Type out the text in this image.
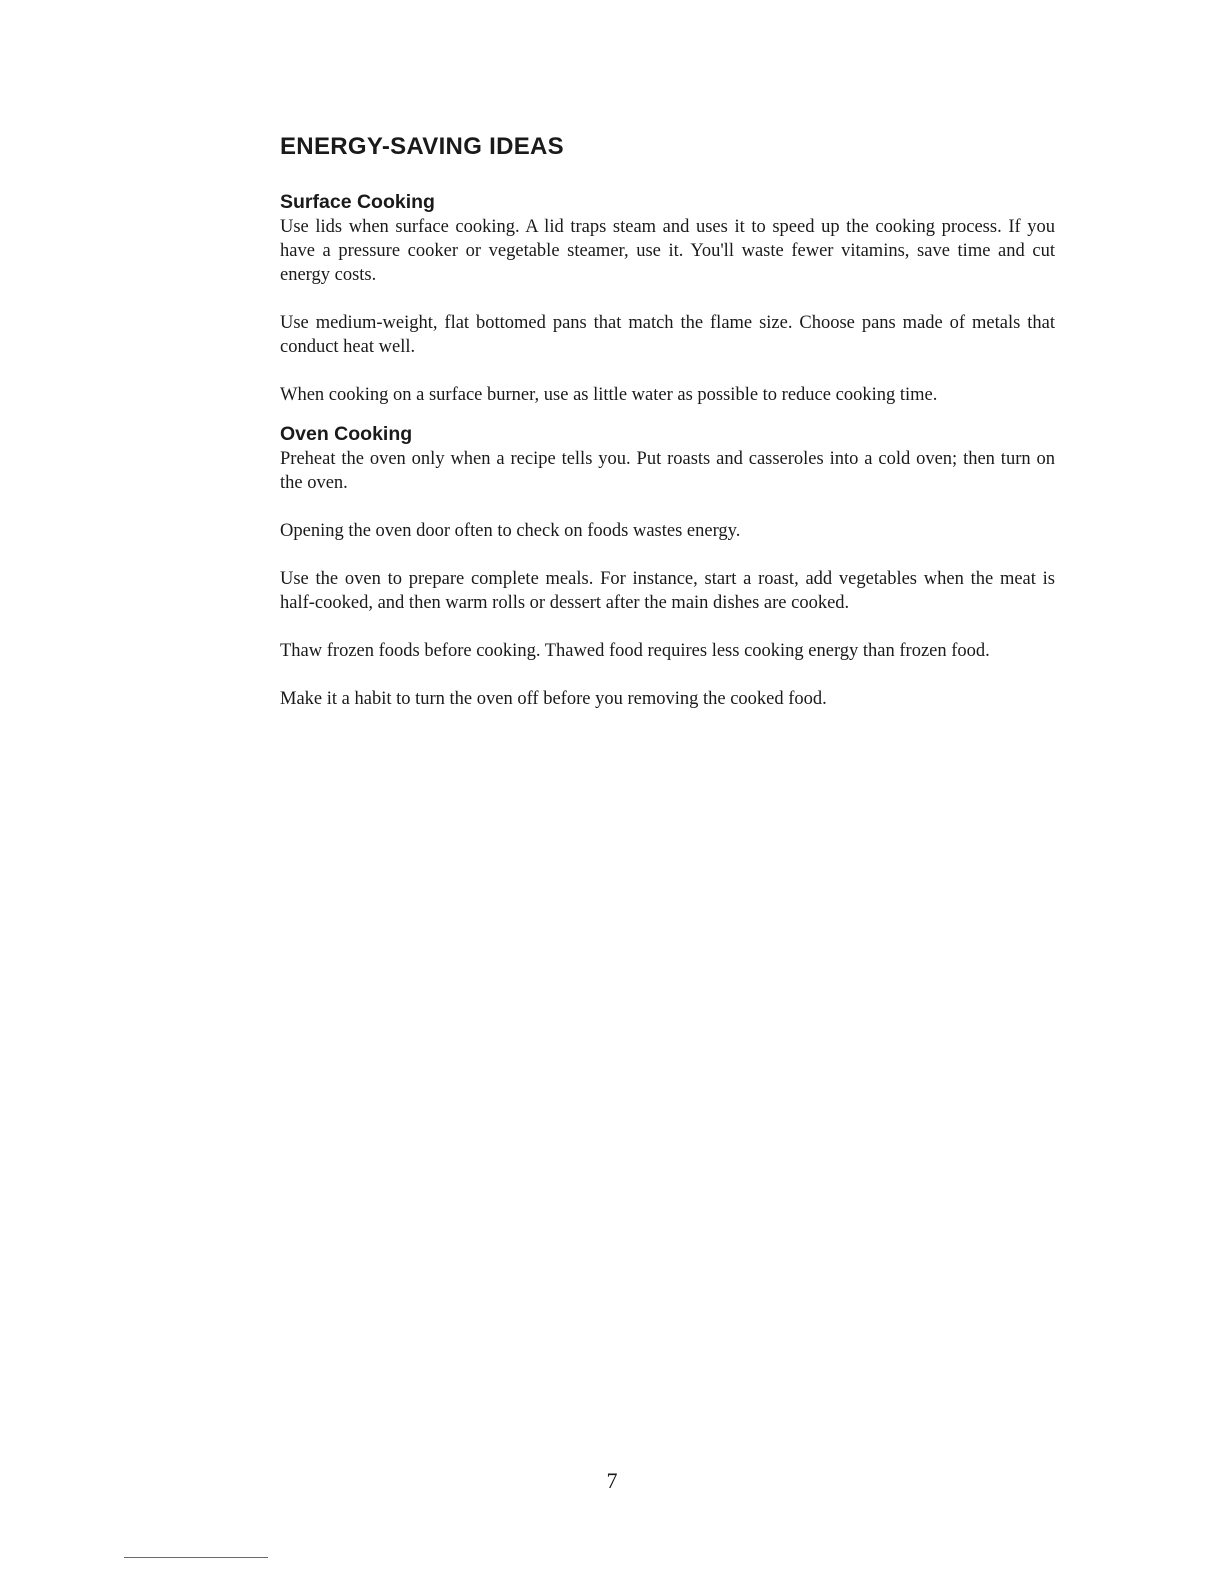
ENERGY-SAVING IDEAS
Surface Cooking

Use lids when surface cooking. A lid traps steam and uses it to speed up the cooking process. If you have a pressure cooker or vegetable steamer, use it. You'll waste fewer vitamins, save time and cut energy costs.

Use medium-weight, flat bottomed pans that match the flame size. Choose pans made of metals that conduct heat well.

When cooking on a surface burner, use as little water as possible to reduce cooking time.

Oven Cooking

Preheat the oven only when a recipe tells you. Put roasts and casseroles into a cold oven; then turn on the oven.

Opening the oven door often to check on foods wastes energy.

Use the oven to prepare complete meals. For instance, start a roast, add vegetables when the meat is half-cooked, and then warm rolls or dessert after the main dishes are cooked.

Thaw frozen foods before cooking. Thawed food requires less cooking energy than frozen food.

Make it a habit to turn the oven off before you removing the cooked food.

7
